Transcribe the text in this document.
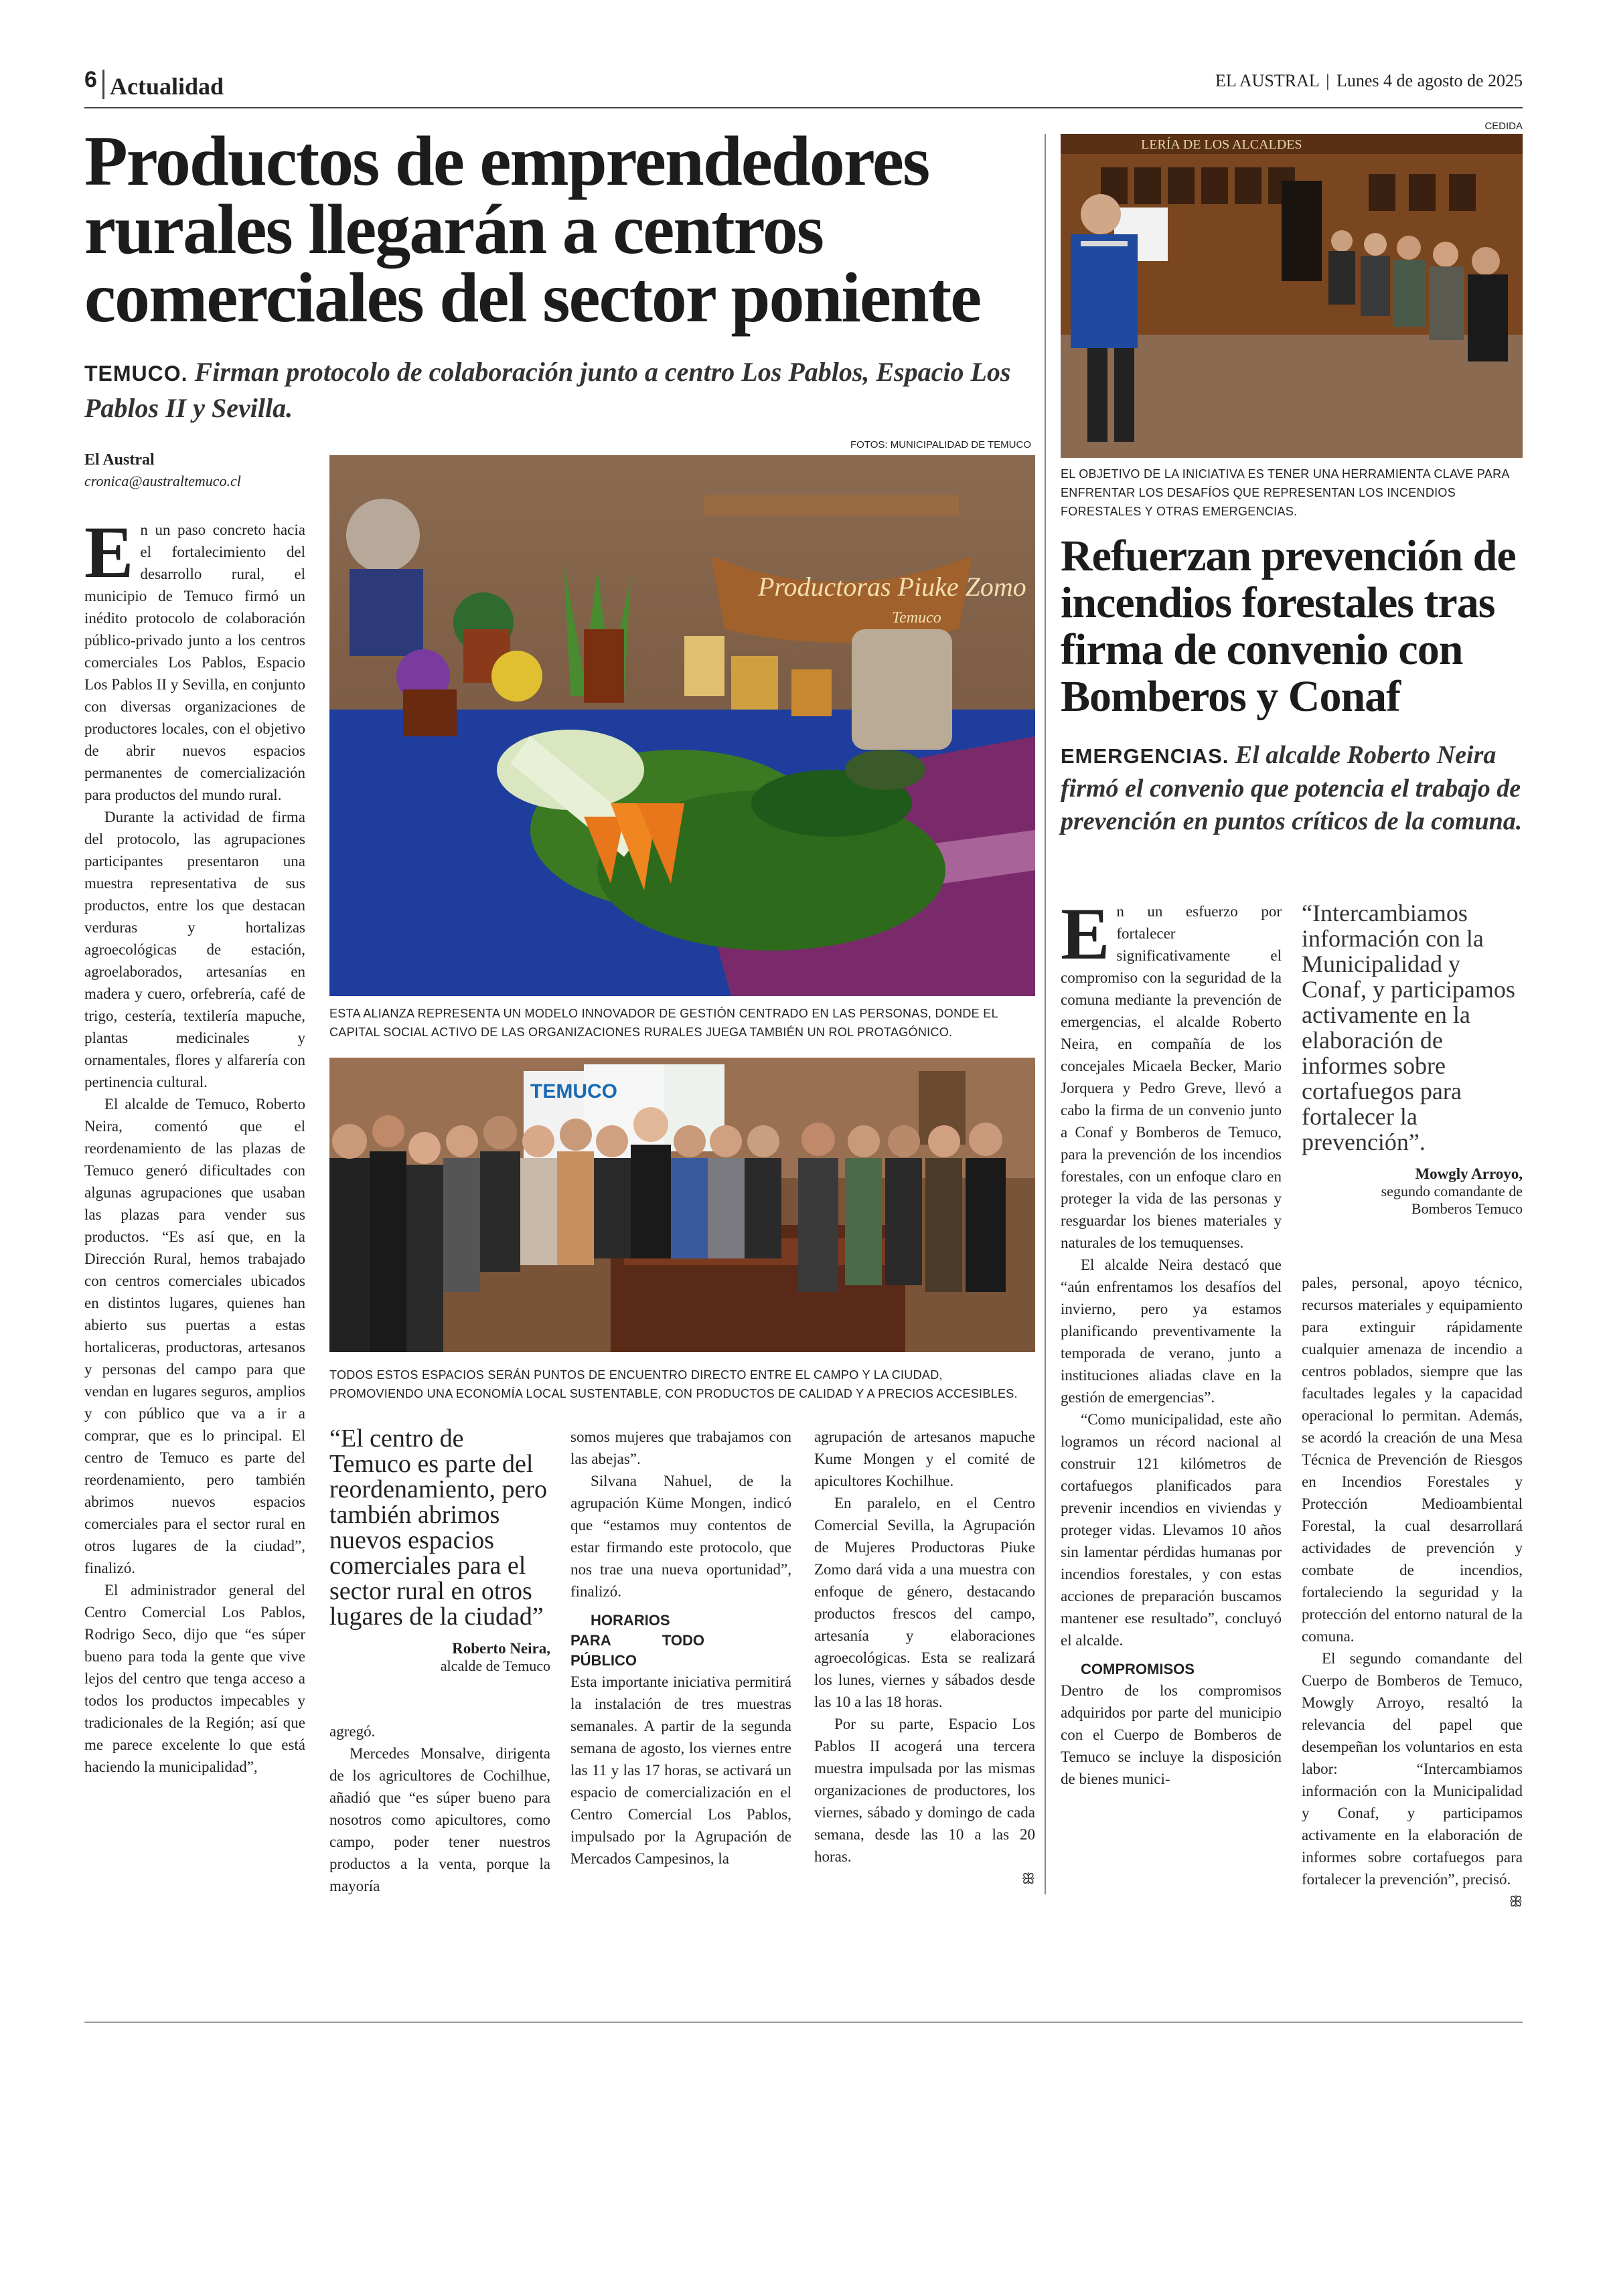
6 Actualidad	EL AUSTRAL | Lunes 4 de agosto de 2025
Productos de emprendedores rurales llegarán a centros comerciales del sector poniente
TEMUCO. Firman protocolo de colaboración junto a centro Los Pablos, Espacio Los Pablos II y Sevilla.
El Austral
cronica@australtemuco.cl
FOTOS: MUNICIPALIDAD DE TEMUCO
Productoras Piuke Zomo
Temuco
ESTA ALIANZA REPRESENTA UN MODELO INNOVADOR DE GESTIÓN CENTRADO EN LAS PERSONAS, DONDE EL CAPITAL SOCIAL ACTIVO DE LAS ORGANIZACIONES RURALES JUEGA TAMBIÉN UN ROL PROTAGÓNICO.
TEMUCO
TODOS ESTOS ESPACIOS SERÁN PUNTOS DE ENCUENTRO DIRECTO ENTRE EL CAMPO Y LA CIUDAD, PROMOVIENDO UNA ECONOMÍA LOCAL SUSTENTABLE, CON PRODUCTOS DE CALIDAD Y A PRECIOS ACCESIBLES.

En un paso concreto hacia el fortalecimiento del desarrollo rural, el municipio de Temuco firmó un inédito protocolo de colaboración público-privado junto a los centros comerciales Los Pablos, Espacio Los Pablos II y Sevilla, en conjunto con diversas organizaciones de productores locales, con el objetivo de abrir nuevos espacios permanentes de comercialización para productos del mundo rural.

Durante la actividad de firma del protocolo, las agrupaciones participantes presentaron una muestra representativa de sus productos, entre los que destacan verduras y hortalizas agroecológicas de estación, agroelaborados, artesanías en madera y cuero, orfebrería, café de trigo, cestería, textilería mapuche, plantas medicinales y ornamentales, flores y alfarería con pertinencia cultural.

El alcalde de Temuco, Roberto Neira, comentó que el reordenamiento de las plazas de Temuco generó dificultades con algunas agrupaciones que usaban las plazas para vender sus productos. “Es así que, en la Dirección Rural, hemos trabajado con centros comerciales ubicados en distintos lugares, quienes han abierto sus puertas a estas hortaliceras, productoras, artesanos y personas del campo para que vendan en lugares seguros, amplios y con público que va a ir a comprar, que es lo principal. El centro de Temuco es parte del reordenamiento, pero también abrimos nuevos espacios comerciales para el sector rural en otros lugares de la ciudad”, finalizó.

El administrador general del Centro Comercial Los Pablos, Rodrigo Seco, dijo que “es súper bueno para toda la gente que vive lejos del centro que tenga acceso a todos los productos impecables y tradicionales de la Región; así que me parece excelente lo que está haciendo la municipalidad”,

“El centro de Temuco es parte del reordenamiento, pero también abrimos nuevos espacios comerciales para el sector rural en otros lugares de la ciudad”
Roberto Neira,
alcalde de Temuco

agregó.

Mercedes Monsalve, dirigenta de los agricultores de Cochilhue, añadió que “es súper bueno para nosotros como apicultores, como campo, poder tener nuestros productos a la venta, porque la mayoría

somos mujeres que trabajamos con las abejas”.

Silvana Nahuel, de la agrupación Küme Mongen, indicó que “estamos muy contentos de estar firmando este protocolo, que nos trae una nueva oportunidad”, finalizó.

HORARIOS PARA TODO PÚBLICO

Esta importante iniciativa permitirá la instalación de tres muestras semanales. A partir de la segunda semana de agosto, los viernes entre las 11 y las 17 horas, se activará un espacio de comercialización en el Centro Comercial Los Pablos, impulsado por la Agrupación de Mercados Campesinos, la

agrupación de artesanos mapuche Kume Mongen y el comité de apicultores Kochilhue.

En paralelo, en el Centro Comercial Sevilla, la Agrupación de Mujeres Productoras Piuke Zomo dará vida a una muestra con enfoque de género, destacando productos frescos del campo, artesanía y elaboraciones agroecológicas. Esta se realizará los lunes, viernes y sábados desde las 10 a las 18 horas.

Por su parte, Espacio Los Pablos II acogerá una tercera muestra impulsada por las mismas organizaciones de productores, los viernes, sábado y domingo de cada semana, desde las 10 a las 20 horas.

ꕥ
CEDIDA
LERÍA DE LOS ALCALDES
EL OBJETIVO DE LA INICIATIVA ES TENER UNA HERRAMIENTA CLAVE PARA ENFRENTAR LOS DESAFÍOS QUE REPRESENTAN LOS INCENDIOS FORESTALES Y OTRAS EMERGENCIAS.
Refuerzan prevención de incendios forestales tras firma de convenio con Bomberos y Conaf
EMERGENCIAS. El alcalde Roberto Neira firmó el convenio que potencia el trabajo de prevención en puntos críticos de la comuna.

En un esfuerzo por fortalecer significativamente el compromiso con la seguridad de la comuna mediante la prevención de emergencias, el alcalde Roberto Neira, en compañía de los concejales Micaela Becker, Mario Jorquera y Pedro Greve, llevó a cabo la firma de un convenio junto a Conaf y Bomberos de Temuco, para la prevención de los incendios forestales, con un enfoque claro en proteger la vida de las personas y resguardar los bienes materiales y naturales de los temuquenses.

El alcalde Neira destacó que “aún enfrentamos los desafíos del invierno, pero ya estamos planificando preventivamente la temporada de verano, junto a instituciones aliadas clave en la gestión de emergencias”.

“Como municipalidad, este año logramos un récord nacional al construir 121 kilómetros de cortafuegos planificados para prevenir incendios en viviendas y proteger vidas. Llevamos 10 años sin lamentar pérdidas humanas por incendios forestales, y con estas acciones de preparación buscamos mantener ese resultado”, concluyó el alcalde.

COMPROMISOS

Dentro de los compromisos adquiridos por parte del municipio con el Cuerpo de Bomberos de Temuco se incluye la disposición de bienes munici-

“Intercambiamos información con la Municipalidad y Conaf, y participamos activamente en la elaboración de informes sobre cortafuegos para fortalecer la prevención”.
Mowgly Arroyo,
segundo comandante de Bomberos Temuco

pales, personal, apoyo técnico, recursos materiales y equipamiento para extinguir rápidamente cualquier amenaza de incendio a centros poblados, siempre que las facultades legales y la capacidad operacional lo permitan. Además, se acordó la creación de una Mesa Técnica de Prevención de Riesgos en Incendios Forestales y Protección Medioambiental Forestal, la cual desarrollará actividades de prevención y combate de incendios, fortaleciendo la seguridad y la protección del entorno natural de la comuna.

El segundo comandante del Cuerpo de Bomberos de Temuco, Mowgly Arroyo, resaltó la relevancia del papel que desempeñan los voluntarios en esta labor: “Intercambiamos información con la Municipalidad y Conaf, y participamos activamente en la elaboración de informes sobre cortafuegos para fortalecer la prevención”, precisó.

ꕥ
